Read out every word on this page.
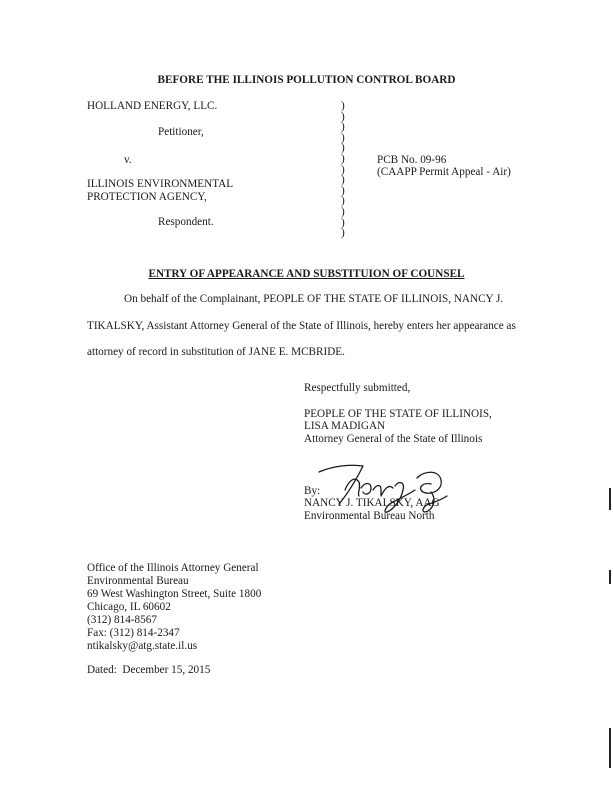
BEFORE THE ILLINOIS POLLUTION CONTROL BOARD
HOLLAND ENERGY, LLC.
Petitioner,
v.
ILLINOIS ENVIRONMENTAL
PROTECTION AGENCY,
Respondent.
)
)
)
)
)
)
)
)
)
)
)
)
)
PCB No. 09-96
(CAAPP Permit Appeal - Air)
ENTRY OF APPEARANCE AND SUBSTITUION OF COUNSEL
On behalf of the Complainant, PEOPLE OF THE STATE OF ILLINOIS, NANCY J.
TIKALSKY, Assistant Attorney General of the State of Illinois, hereby enters her appearance as
attorney of record in substitution of JANE E. MCBRIDE.
Respectfully submitted,
PEOPLE OF THE STATE OF ILLINOIS,
LISA MADIGAN
Attorney General of the State of Illinois
By:
NANCY J. TIKALSKY, AAG
Environmental Bureau North
Office of the Illinois Attorney General
Environmental Bureau
69 West Washington Street, Suite 1800
Chicago, IL 60602
(312) 814-8567
Fax: (312) 814-2347
ntikalsky@atg.state.il.us
Dated:  December 15, 2015
